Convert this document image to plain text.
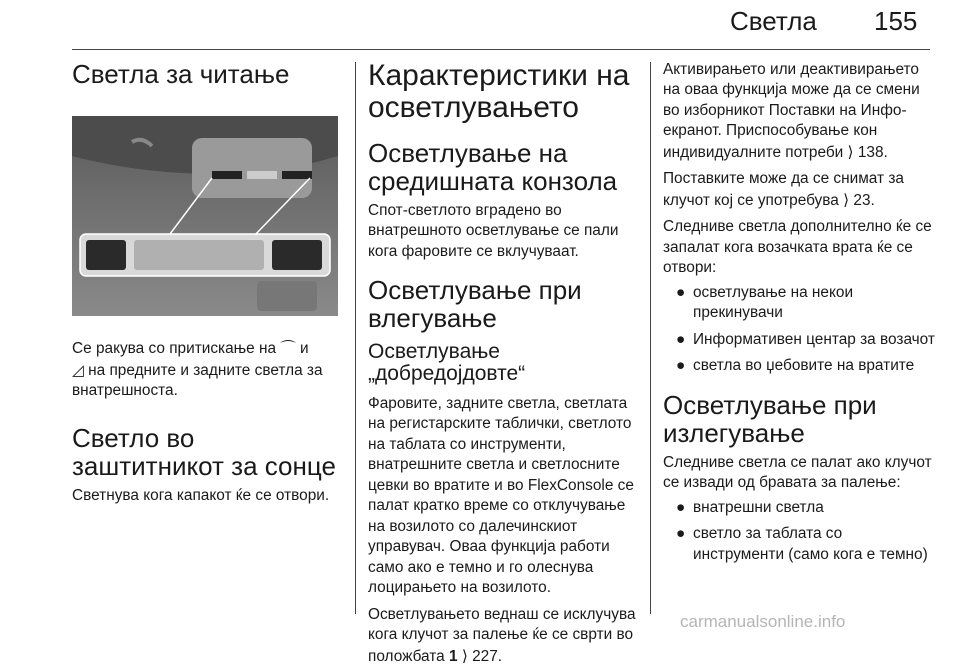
Светла 155
Светла за читање

Се ракува со притискање на ⌒ и
◿ на предните и задните светла за внатрешноста.

Светло во заштитникот за сонце

Светнува кога капакот ќе се отвори.

Карактеристики на осветлувањето
Осветлување на средишната конзола

Спот-светлото вградено во внатрешното осветлување се пали кога фаровите се вклучуваат.

Осветлување при влегување
Осветлување „добредојдовте“

Фаровите, задните светла, светлата на регистарските таблички, светлото на таблата со инструменти, внатрешните светла и светлосните цевки во вратите и во FlexConsole се палат кратко време со отклучување на возилото со далечинскиот управувач. Оваа функција работи само ако е темно и го олеснува лоцирањето на возилото.

Осветлувањето веднаш се исклучува кога клучот за палење ќе се сврти во положбата 1 ⟩ 227.

Активирањето или деактивирањето на оваа функција може да се смени во изборникот Поставки на Инфо-екранот. Приспособување кон индивидуалните потреби ⟩ 138.

Поставките може да се снимат за клучот кој се употребува ⟩ 23.

Следниве светла дополнително ќе се запалат кога возачката врата ќе се отвори:

● осветлување на некои прекинувачи
● Информативен центар за возачот
● светла во џебовите на вратите
Осветлување при излегување

Следниве светла се палат ако клучот се извади од бравата за палење:

● внатрешни светла
● светло за таблата со инструменти (само кога е темно)
carmanualsonline.info
